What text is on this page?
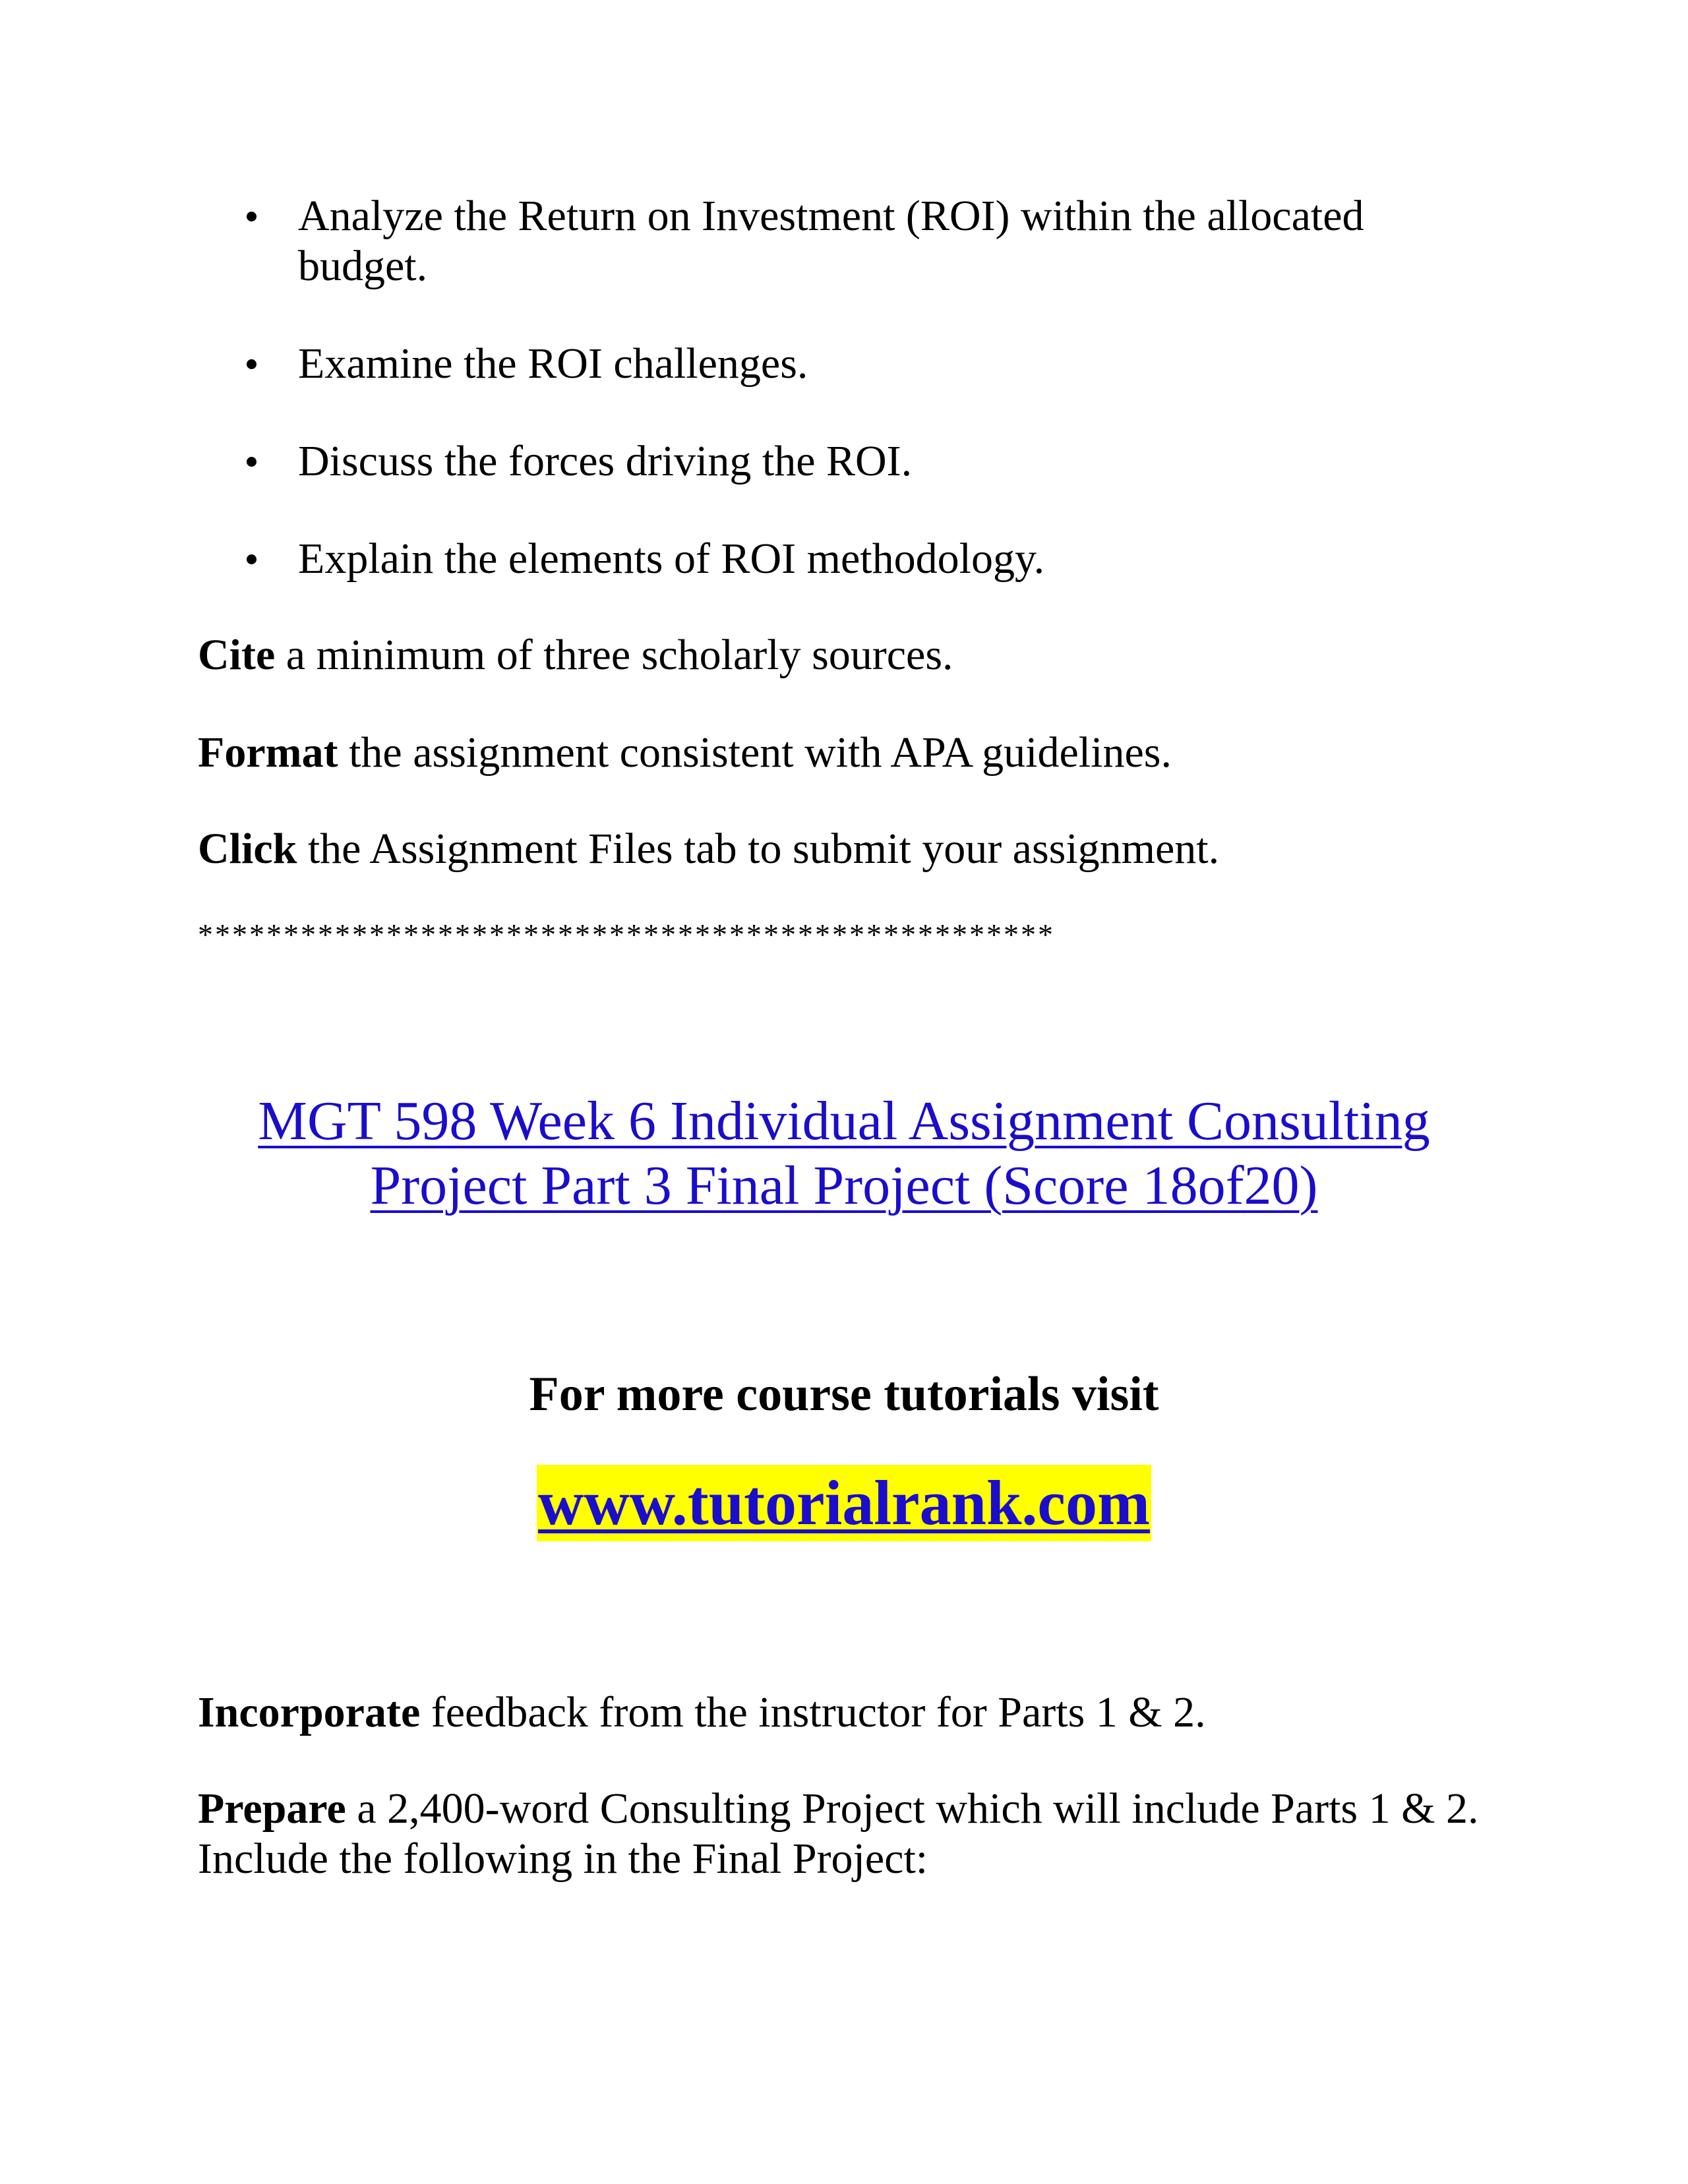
Analyze the Return on Investment (ROI) within the allocated budget.
Examine the ROI challenges.
Discuss the forces driving the ROI.
Explain the elements of ROI methodology.

Cite a minimum of three scholarly sources.

Format the assignment consistent with APA guidelines.

Click the Assignment Files tab to submit your assignment.

**************************************************
MGT 598 Week 6 Individual Assignment Consulting
Project Part 3 Final Project (Score 18of20)
For more course tutorials visit
www.tutorialrank.com

Incorporate feedback from the instructor for Parts 1 & 2.

Prepare a 2,400-word Consulting Project which will include Parts 1 & 2. Include the following in the Final Project:
